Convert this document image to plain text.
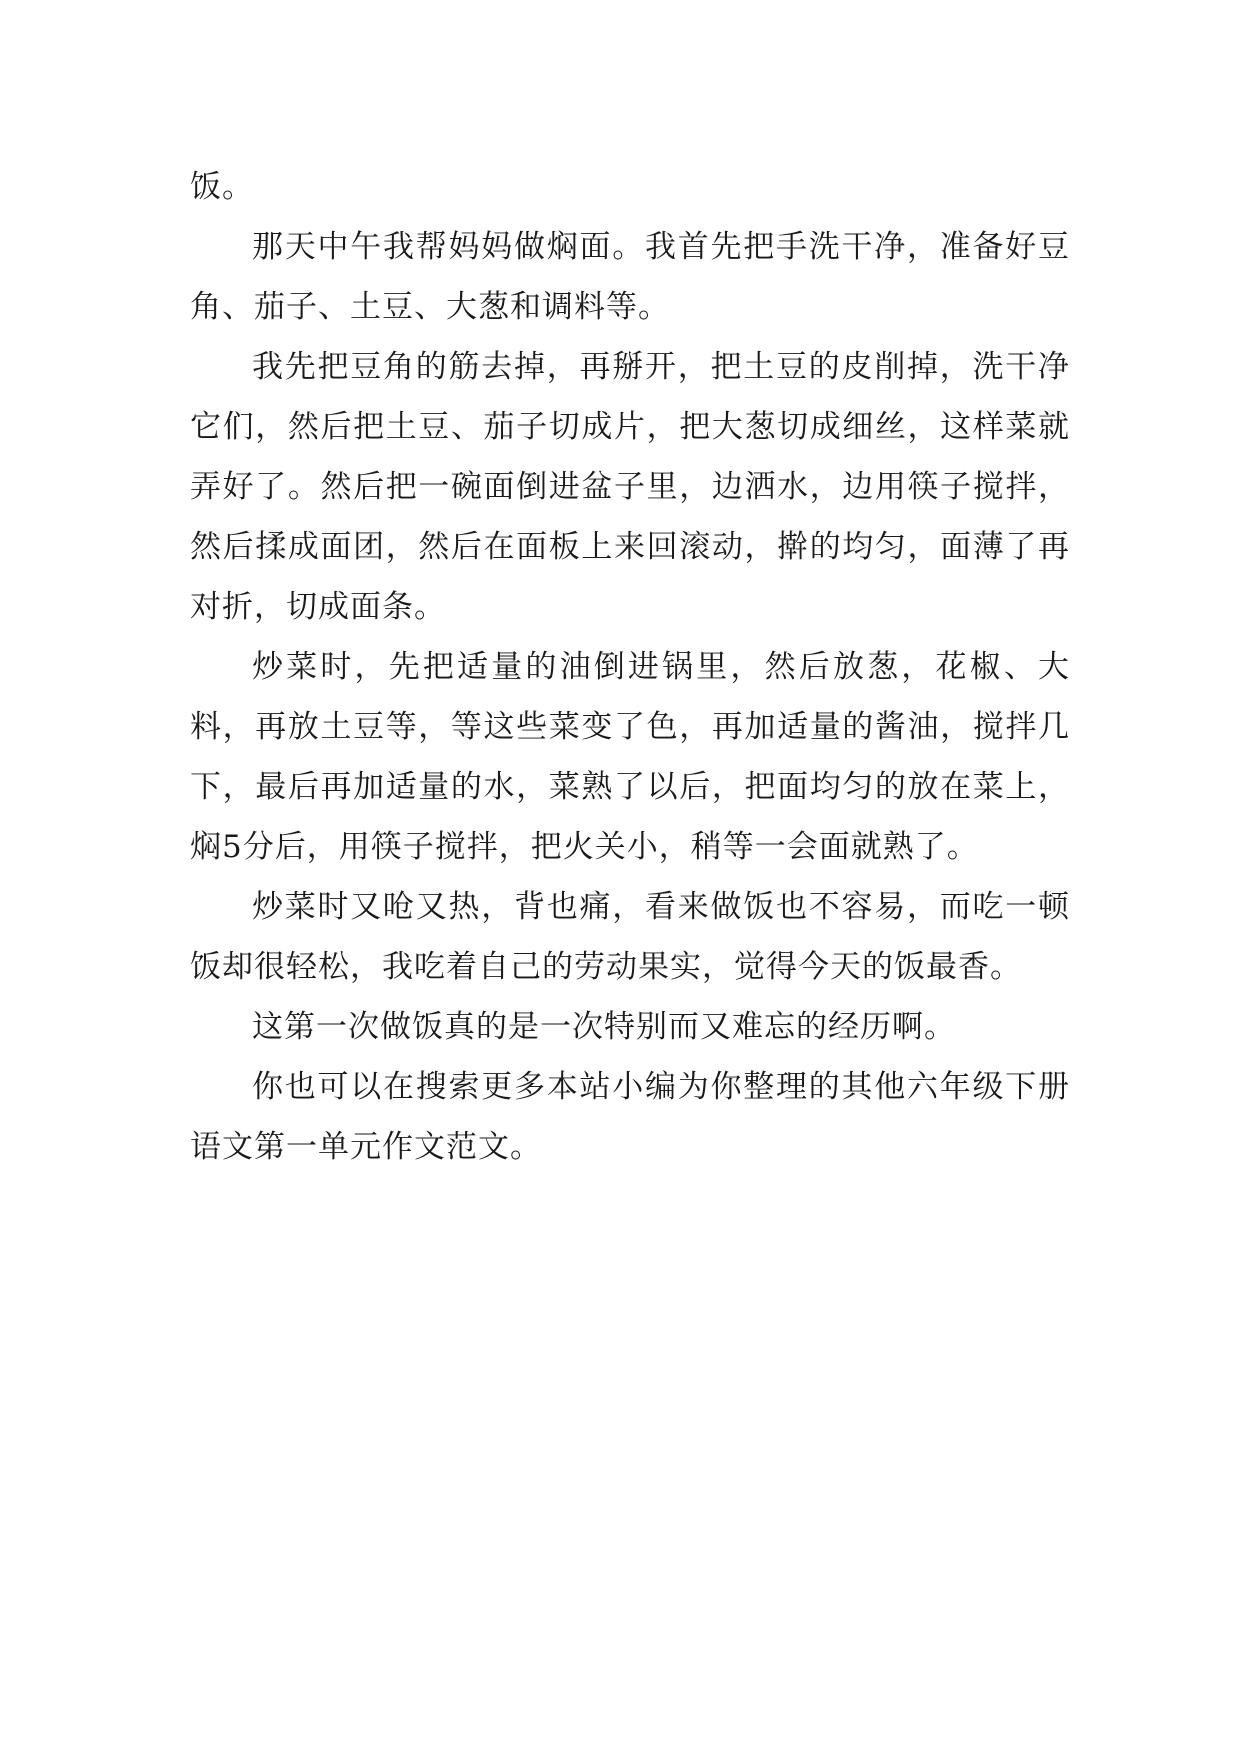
饭。

那天中午我帮妈妈做焖面。我首先把手洗干净，准备好豆角、茄子、土豆、大葱和调料等。

我先把豆角的筋去掉，再掰开，把土豆的皮削掉，洗干净它们，然后把土豆、茄子切成片，把大葱切成细丝，这样菜就弄好了。然后把一碗面倒进盆子里，边洒水，边用筷子搅拌，然后揉成面团，然后在面板上来回滚动，擀的均匀，面薄了再对折，切成面条。

炒菜时，先把适量的油倒进锅里，然后放葱，花椒、大料，再放土豆等，等这些菜变了色，再加适量的酱油，搅拌几下，最后再加适量的水，菜熟了以后，把面均匀的放在菜上，焖5分后，用筷子搅拌，把火关小，稍等一会面就熟了。

炒菜时又呛又热，背也痛，看来做饭也不容易，而吃一顿饭却很轻松，我吃着自己的劳动果实，觉得今天的饭最香。

这第一次做饭真的是一次特别而又难忘的经历啊。

你也可以在搜索更多本站小编为你整理的其他六年级下册语文第一单元作文范文。
